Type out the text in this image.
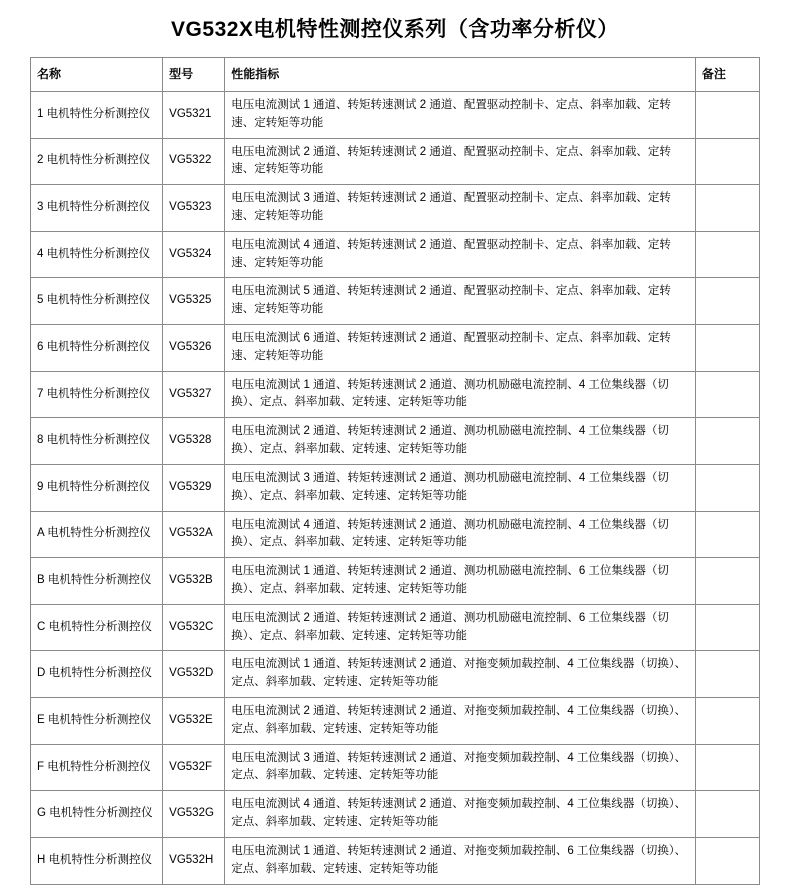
VG532X电机特性测控仪系列（含功率分析仪）
名称	型号	性能指标	备注
1 电机特性分析测控仪	VG5321	电压电流测试 1 通道、转矩转速测试 2 通道、配置驱动控制卡、定点、斜率加载、定转速、定转矩等功能	
2 电机特性分析测控仪	VG5322	电压电流测试 2 通道、转矩转速测试 2 通道、配置驱动控制卡、定点、斜率加载、定转速、定转矩等功能	
3 电机特性分析测控仪	VG5323	电压电流测试 3 通道、转矩转速测试 2 通道、配置驱动控制卡、定点、斜率加载、定转速、定转矩等功能	
4 电机特性分析测控仪	VG5324	电压电流测试 4 通道、转矩转速测试 2 通道、配置驱动控制卡、定点、斜率加载、定转速、定转矩等功能	
5 电机特性分析测控仪	VG5325	电压电流测试 5 通道、转矩转速测试 2 通道、配置驱动控制卡、定点、斜率加载、定转速、定转矩等功能	
6 电机特性分析测控仪	VG5326	电压电流测试 6 通道、转矩转速测试 2 通道、配置驱动控制卡、定点、斜率加载、定转速、定转矩等功能	
7 电机特性分析测控仪	VG5327	电压电流测试 1 通道、转矩转速测试 2 通道、测功机励磁电流控制、4 工位集线器（切换）、定点、斜率加载、定转速、定转矩等功能	
8 电机特性分析测控仪	VG5328	电压电流测试 2 通道、转矩转速测试 2 通道、测功机励磁电流控制、4 工位集线器（切换）、定点、斜率加载、定转速、定转矩等功能	
9 电机特性分析测控仪	VG5329	电压电流测试 3 通道、转矩转速测试 2 通道、测功机励磁电流控制、4 工位集线器（切换）、定点、斜率加载、定转速、定转矩等功能	
A 电机特性分析测控仪	VG532A	电压电流测试 4 通道、转矩转速测试 2 通道、测功机励磁电流控制、4 工位集线器（切换）、定点、斜率加载、定转速、定转矩等功能	
B 电机特性分析测控仪	VG532B	电压电流测试 1 通道、转矩转速测试 2 通道、测功机励磁电流控制、6 工位集线器（切换）、定点、斜率加载、定转速、定转矩等功能	
C 电机特性分析测控仪	VG532C	电压电流测试 2 通道、转矩转速测试 2 通道、测功机励磁电流控制、6 工位集线器（切换）、定点、斜率加载、定转速、定转矩等功能	
D 电机特性分析测控仪	VG532D	电压电流测试 1 通道、转矩转速测试 2 通道、对拖变频加载控制、4 工位集线器（切换）、定点、斜率加载、定转速、定转矩等功能	
E 电机特性分析测控仪	VG532E	电压电流测试 2 通道、转矩转速测试 2 通道、对拖变频加载控制、4 工位集线器（切换）、定点、斜率加载、定转速、定转矩等功能	
F 电机特性分析测控仪	VG532F	电压电流测试 3 通道、转矩转速测试 2 通道、对拖变频加载控制、4 工位集线器（切换）、定点、斜率加载、定转速、定转矩等功能	
G 电机特性分析测控仪	VG532G	电压电流测试 4 通道、转矩转速测试 2 通道、对拖变频加载控制、4 工位集线器（切换）、定点、斜率加载、定转速、定转矩等功能	
H 电机特性分析测控仪	VG532H	电压电流测试 1 通道、转矩转速测试 2 通道、对拖变频加载控制、6 工位集线器（切换）、定点、斜率加载、定转速、定转矩等功能	
